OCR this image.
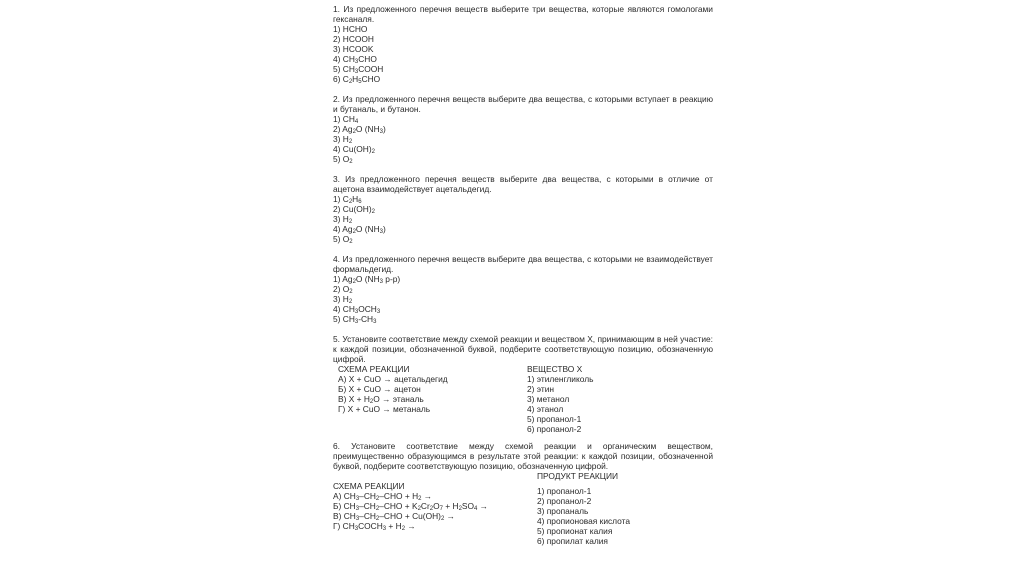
1. Из предложенного перечня веществ выберите три вещества, которые являются гомологами гексаналя.
1) HCHO
2) HCOOH
3) HCOOK
4) $CH_3CHO$
5) $CH_3COOH$
6) $C_2H_5CHO$
2. Из предложенного перечня веществ выберите два вещества, с которыми вступает в реакцию и бутаналь, и бутанон.
1) $CH_4$
2) $Ag_2O$ $(NH_3)$
3) $H_2$
4) $Cu(OH)_2$
5) $O_2$
3. Из предложенного перечня веществ выберите два вещества, с которыми в отличие от ацетона взаимодействует ацетальдегид.
1) $C_2H_6$
2) $Cu(OH)_2$
3) $H_2$
4) $Ag_2O$ $(NH_3)$
5) $O_2$
4. Из предложенного перечня веществ выберите два вещества, с которыми не взаимодействует формальдегид.
1) $Ag_2O$ ($NH_3$ р-р)
2) $O_2$
3) $H_2$
4) $CH_3OCH_3$
5) $CH_3-CH_3$
5. Установите соответствие между схемой реакции и веществом Х, принимающим в ней участие: к каждой позиции, обозначенной буквой, подберите соответствующую позицию, обозначенную цифрой.
СХЕМА РЕАКЦИИ
А) X + CuO → ацетальдегид
Б) X + CuO → ацетон
В) $X + H_2O$ → этаналь
Г) X + CuO → метаналь
ВЕЩЕСТВО Х
1) этиленгликоль
2) этин
3) метанол
4) этанол
5) пропанол-1
6) пропанол-2
6. Установите соответствие между схемой реакции и органическим веществом, преимущественно образующимся в результате этой реакции: к каждой позиции, обозначенной буквой, подберите соответствующую позицию, обозначенную цифрой.
СХЕМА РЕАКЦИИ
А) $CH_3-CH_2$–CHO + $H_2$ →
Б) $CH_3-CH_2$–CHO + $K_2Cr_2O_7 + H_2SO_4$ →
В) $CH_3-CH_2$–CHO + $Cu(OH)_2$ →
Г) $CH_3COCH_3 + H_2$ →
ПРОДУКТ РЕАКЦИИ
1) пропанол-1
2) пропанол-2
3) пропаналь
4) пропионовая кислота
5) пропионат калия
6) пропилат калия
